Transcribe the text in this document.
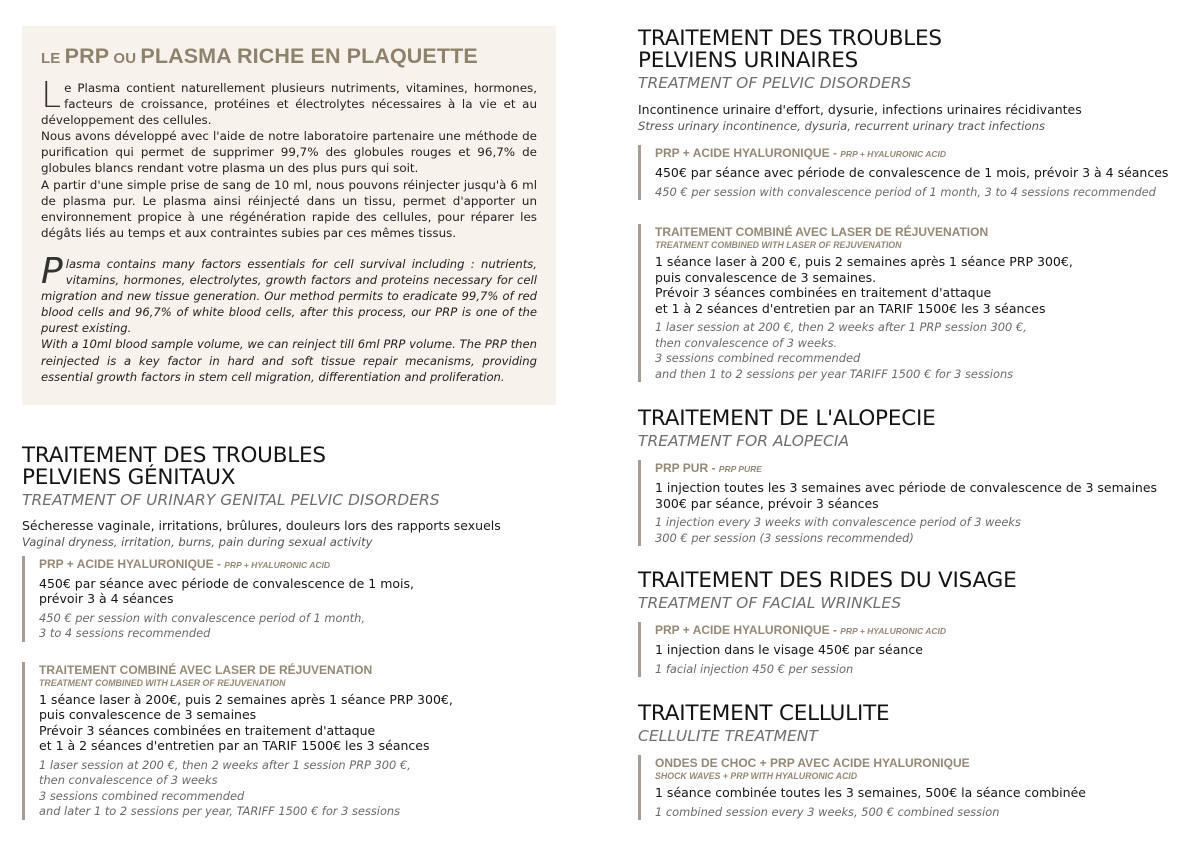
LE PRP OU PLASMA RICHE EN PLAQUETTE

Le Plasma contient naturellement plusieurs nutriments, vitamines, hormones, facteurs de croissance, protéines et électrolytes nécessaires à la vie et au développement des cellules.
Nous avons développé avec l'aide de notre laboratoire partenaire une méthode de purification qui permet de supprimer 99,7% des globules rouges et 96,7% de globules blancs rendant votre plasma un des plus purs qui soit.
A partir d'une simple prise de sang de 10 ml, nous pouvons réinjecter jusqu'à 6 ml de plasma pur. Le plasma ainsi réinjecté dans un tissu, permet d'apporter un environnement propice à une régénération rapide des cellules, pour réparer les dégâts liés au temps et aux contraintes subies par ces mêmes tissus.

Plasma contains many factors essentials for cell survival including : nutrients, vitamins, hormones, electrolytes, growth factors and proteins necessary for cell migration and new tissue generation. Our method permits to eradicate 99,7% of red blood cells and 96,7% of white blood cells, after this process, our PRP is one of the purest existing.
With a 10ml blood sample volume, we can reinject till 6ml PRP volume. The PRP then reinjected is a key factor in hard and soft tissue repair mecanisms, providing essential growth factors in stem cell migration, differentiation and proliferation.

TRAITEMENT DES TROUBLES
PELVIENS GÉNITAUX
TREATMENT OF URINARY GENITAL PELVIC DISORDERS
Sécheresse vaginale, irritations, brûlures, douleurs lors des rapports sexuels
Vaginal dryness, irritation, burns, pain during sexual activity
PRP + ACIDE HYALURONIQUE - PRP + HYALURONIC ACID
450€ par séance avec période de convalescence de 1 mois,
prévoir 3 à 4 séances
450 € per session with convalescence period of 1 month,
3 to 4 sessions recommended
TRAITEMENT COMBINÉ AVEC LASER DE RÉJUVENATION
TREATMENT COMBINED WITH LASER OF REJUVENATION
1 séance laser à 200€, puis 2 semaines après 1 séance PRP 300€,
puis convalescence de 3 semaines
Prévoir 3 séances combinées en traitement d'attaque
et 1 à 2 séances d'entretien par an TARIF 1500€ les 3 séances
1 laser session at 200 €, then 2 weeks after 1 session PRP 300 €,
then convalescence of 3 weeks
3 sessions combined recommended
and later 1 to 2 sessions per year, TARIFF 1500 € for 3 sessions
TRAITEMENT DES TROUBLES
PELVIENS URINAIRES
TREATMENT OF PELVIC DISORDERS
Incontinence urinaire d'effort, dysurie, infections urinaires récidivantes
Stress urinary incontinence, dysuria, recurrent urinary tract infections
PRP + ACIDE HYALURONIQUE - PRP + HYALURONIC ACID
450€ par séance avec période de convalescence de 1 mois, prévoir 3 à 4 séances
450 € per session with convalescence period of 1 month, 3 to 4 sessions recommended
TRAITEMENT COMBINÉ AVEC LASER DE RÉJUVENATION
TREATMENT COMBINED WITH LASER OF REJUVENATION
1 séance laser à 200 €, puis 2 semaines après 1 séance PRP 300€,
puis convalescence de 3 semaines.
Prévoir 3 séances combinées en traitement d'attaque
et 1 à 2 séances d'entretien par an TARIF 1500€ les 3 séances
1 laser session at 200 €, then 2 weeks after 1 PRP session 300 €,
then convalescence of 3 weeks.
3 sessions combined recommended
and then 1 to 2 sessions per year TARIFF 1500 € for 3 sessions
TRAITEMENT DE L'ALOPECIE
TREATMENT FOR ALOPECIA
PRP PUR - PRP PURE
1 injection toutes les 3 semaines avec période de convalescence de 3 semaines
300€ par séance, prévoir 3 séances
1 injection every 3 weeks with convalescence period of 3 weeks
300 € per session (3 sessions recommended)
TRAITEMENT DES RIDES DU VISAGE
TREATMENT OF FACIAL WRINKLES
PRP + ACIDE HYALURONIQUE - PRP + HYALURONIC ACID
1 injection dans le visage 450€ par séance
1 facial injection 450 € per session
TRAITEMENT CELLULITE
CELLULITE TREATMENT
ONDES DE CHOC + PRP AVEC ACIDE HYALURONIQUE
SHOCK WAVES + PRP WITH HYALURONIC ACID
1 séance combinée toutes les 3 semaines, 500€ la séance combinée
1 combined session every 3 weeks, 500 € combined session
